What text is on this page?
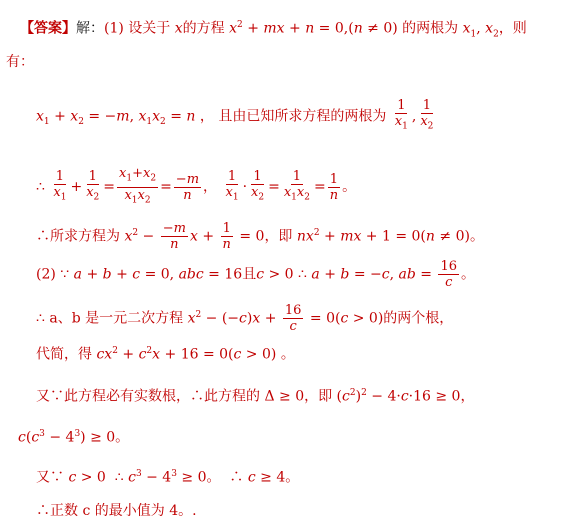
【答案】解：(1) 设关于 x的方程 $x^2$ + mx + n = 0,(n ≠ 0) 的两根为 $x_1$, $x_2$，则
有：
$x_1 + x_2 = -m$, $x_1x_2 = n$ ， 且由已知所求方程的两根为 $\frac{1}{x_1}$ , $\frac{1}{x_2}$
∴ $\frac{1}{x_1} + \frac{1}{x_2} = \frac{x_1+x_2}{x_1x_2} = \frac{-m}{n}$ ， $\frac{1}{x_1} \cdot \frac{1}{x_2} = \frac{1}{x_1x_2} = \frac{1}{n}$ 。
∴所求方程为 $x^2 - \frac{-m}{n}$ $x + \frac{1}{n} = 0$，即 $nx^2$ + mx + 1 = 0(n ≠ 0)。
(2) ∵ a + b + c = 0, abc = 16且c > 0 ∴ a + b = −c, ab = $\frac{16}{c}$ 。
∴ a、b 是一元二次方程 $x^2 - (-c)x + \frac{16}{c} = 0(c > 0)$的两个根，
代简，得 $cx^2 + c^2x + 16 = 0(c > 0)$ 。
又∵此方程必有实数根，∴此方程的 Δ ≥ 0，即 $(c^2)^2 - 4\cdot c\cdot 16 \ge 0$，
$c(c^3 - 4^3) \ge 0$。
又∵ c > 0  ∴ $c^3 - 4^3 \ge 0$。  ∴ c ≥ 4。
∴正数 c 的最小值为 4。.
